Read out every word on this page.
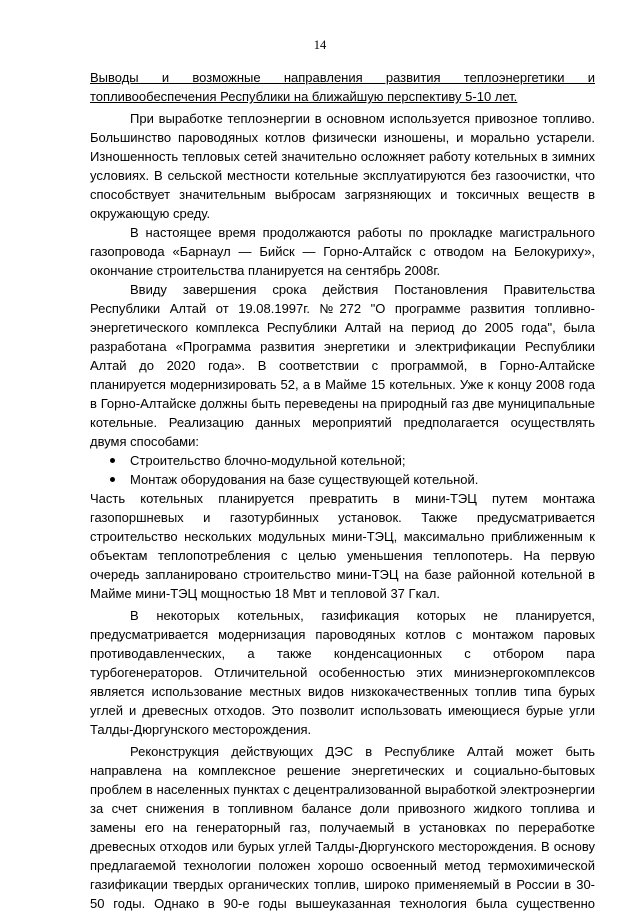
14
Выводы и возможные направления развития теплоэнергетики и
топливообеспечения Республики на ближайшую перспективу 5-10 лет.
При выработке теплоэнергии в основном используется привозное топливо.
Большинство пароводяных котлов физически изношены, и морально устарели.
Изношенность тепловых сетей значительно осложняет работу котельных в зимних
условиях. В сельской местности котельные эксплуатируются без газоочистки, что
способствует значительным выбросам загрязняющих и токсичных веществ в
окружающую среду.
В настоящее время продолжаются работы по прокладке магистрального
газопровода «Барнаул — Бийск — Горно-Алтайск с отводом на Белокуриху»,
окончание строительства планируется на сентябрь 2008г.
Ввиду завершения срока действия Постановления Правительства
Республики Алтай от 19.08.1997г. №272 "О программе развития топливно-
энергетического комплекса Республики Алтай на период до 2005 года", была
разработана «Программа развития энергетики и электрификации Республики
Алтай до 2020 года». В соответствии с программой, в Горно-Алтайске
планируется модернизировать 52, а в Майме 15 котельных. Уже к концу 2008 года
в Горно-Алтайске должны быть переведены на природный газ две муниципальные
котельные. Реализацию данных мероприятий предполагается осуществлять
двумя способами:
Строительство блочно-модульной котельной;
Монтаж оборудования на базе существующей котельной.
Часть котельных планируется превратить в мини-ТЭЦ путем монтажа
газопоршневых и газотурбинных установок. Также предусматривается
строительство нескольких модульных мини-ТЭЦ, максимально приближенным к
объектам теплопотребления с целью уменьшения теплопотерь. На первую
очередь запланировано строительство мини-ТЭЦ на базе районной котельной в
Майме мини-ТЭЦ мощностью 18 Мвт и тепловой 37 Гкал.
В некоторых котельных, газификация которых не планируется,
предусматривается модернизация пароводяных котлов с монтажом паровых
противодавленческих, а также конденсационных с отбором пара
турбогенераторов. Отличительной особенностью этих миниэнергокомплексов
является использование местных видов низкокачественных топлив типа бурых
углей и древесных отходов. Это позволит использовать имеющиеся бурые угли
Талды-Дюргунского месторождения.
Реконструкция действующих ДЭС в Республике Алтай может быть
направлена на комплексное решение энергетических и социально-бытовых
проблем в населенных пунктах с децентрализованной выработкой электроэнергии
за счет снижения в топливном балансе доли привозного жидкого топлива и
замены его на генераторный газ, получаемый в установках по переработке
древесных отходов или бурых углей Талды-Дюргунского месторождения. В основу
предлагаемой технологии положен хорошо освоенный метод термохимической
газификации твердых органических топлив, широко применяемый в России в 30-
50 годы. Однако в 90-е годы вышеуказанная технология была существенно
